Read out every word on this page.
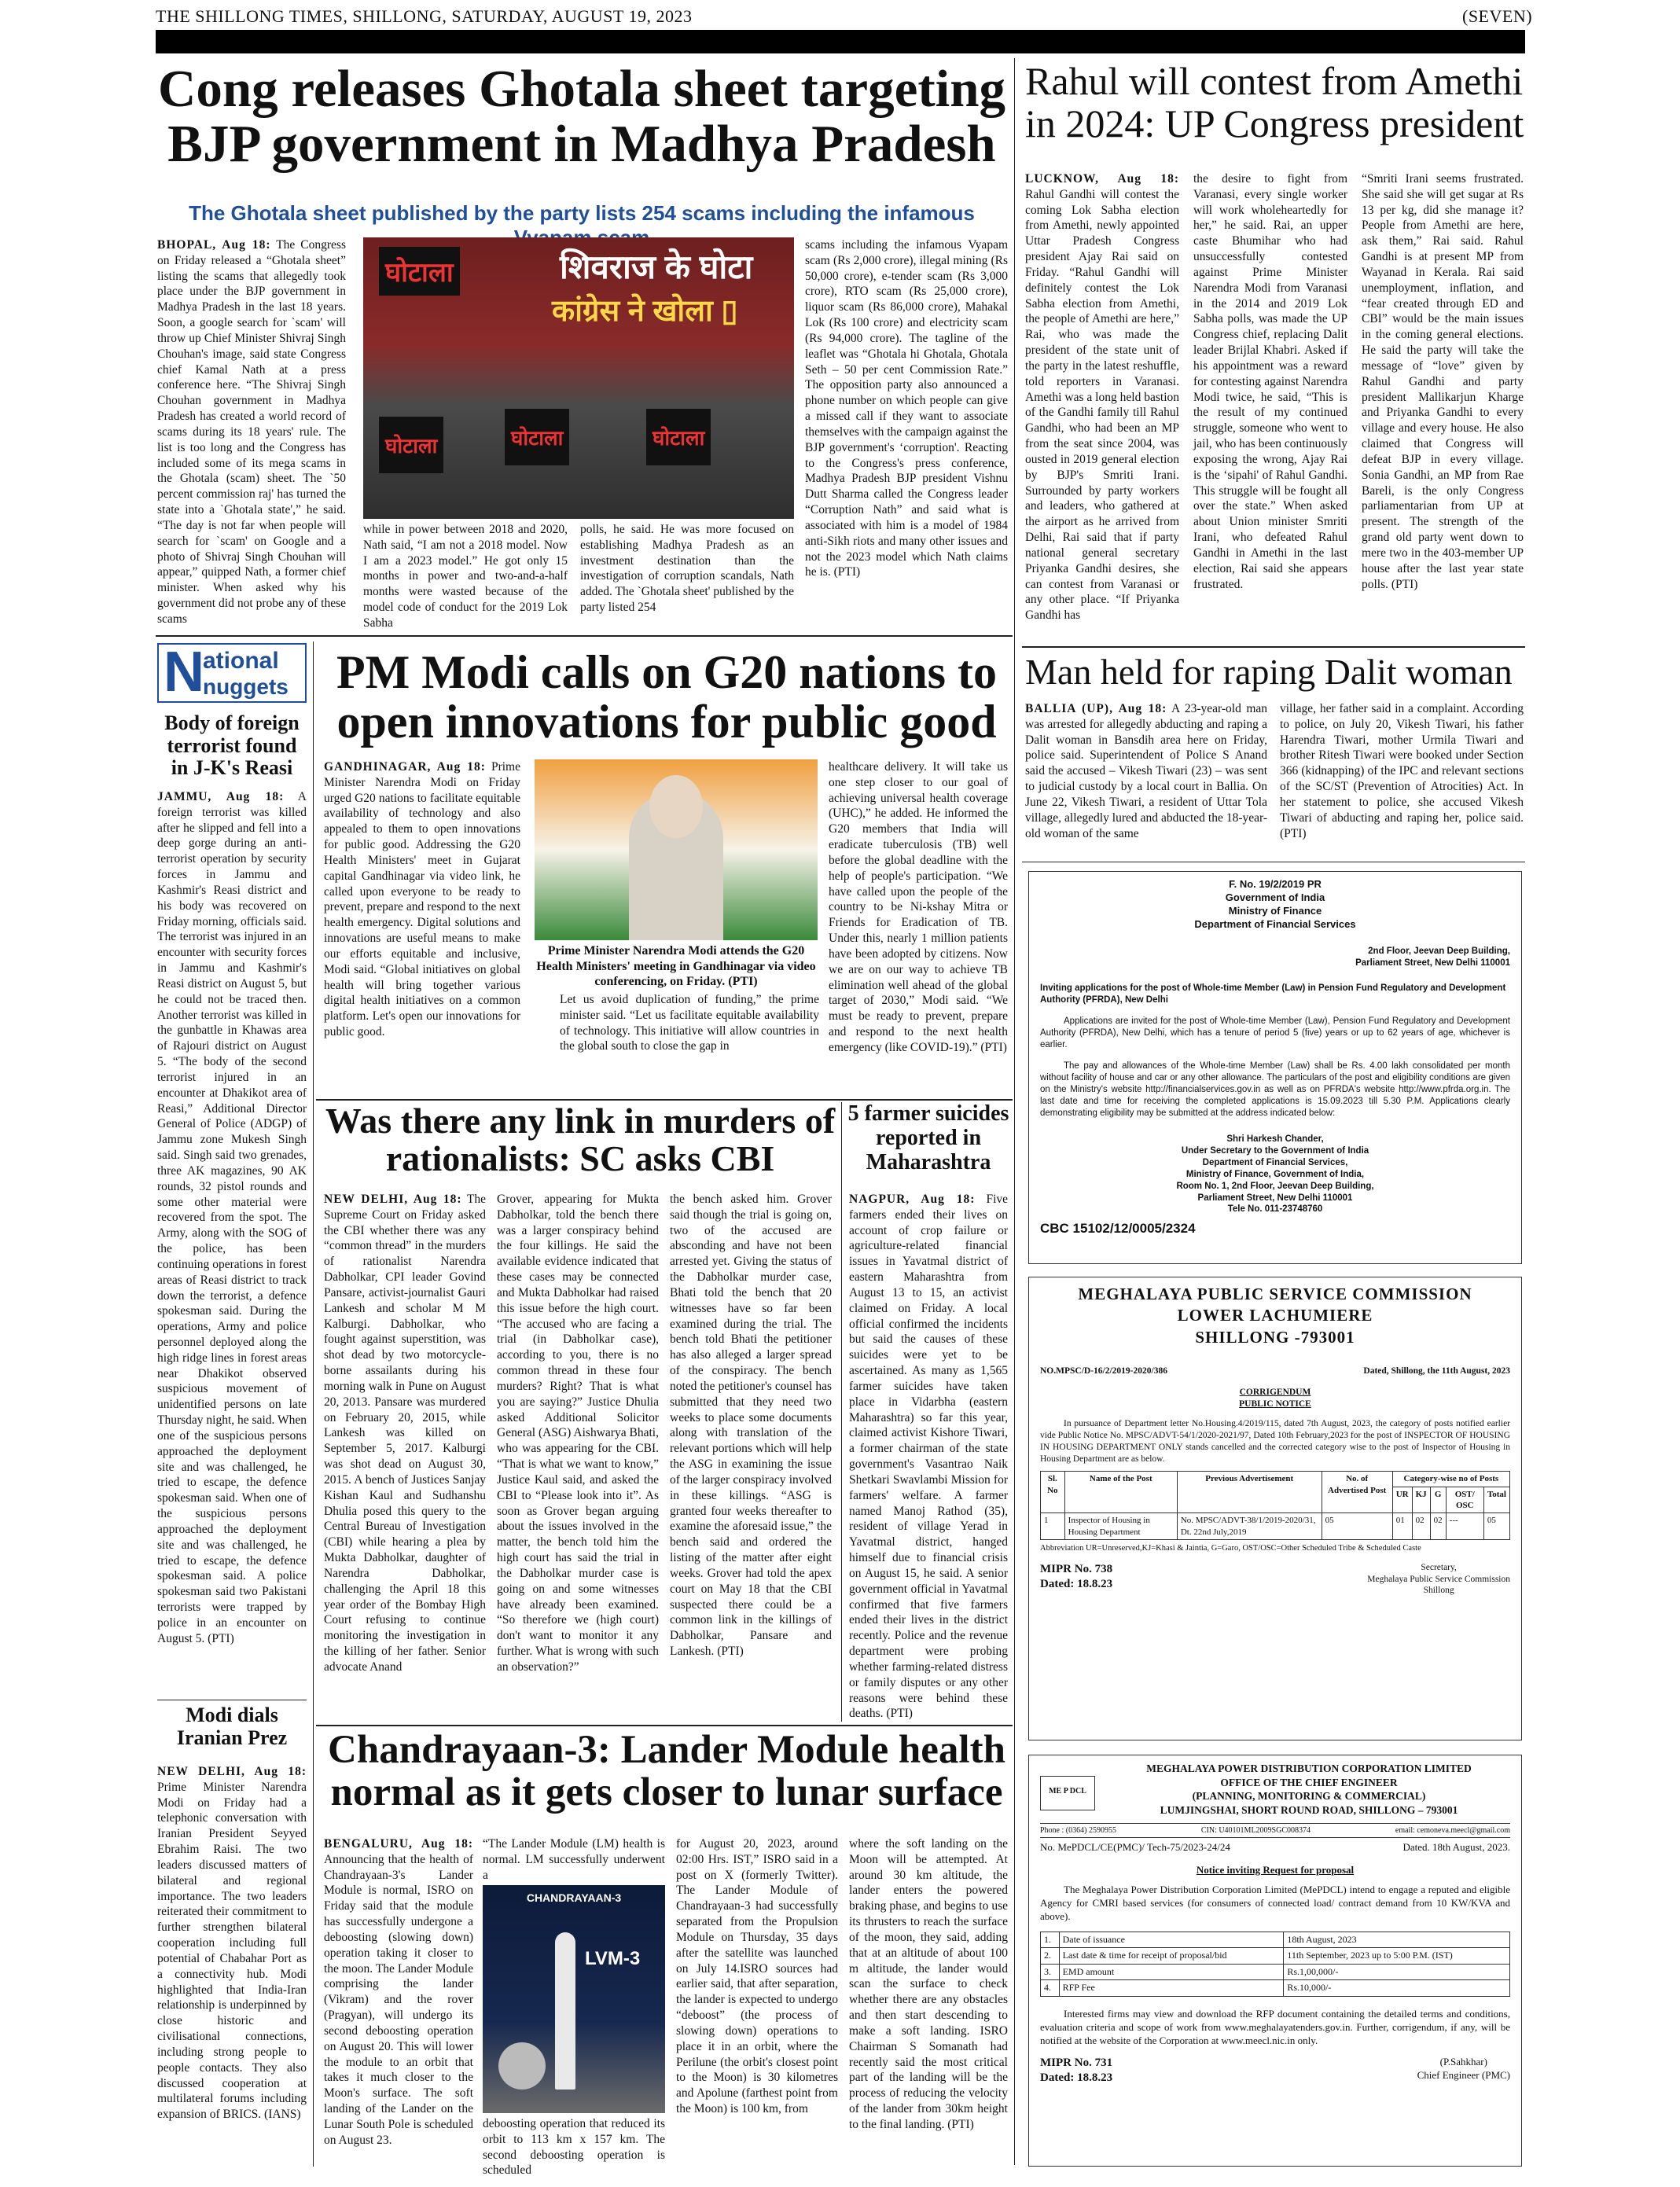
THE SHILLONG TIMES, SHILLONG, SATURDAY, AUGUST 19, 2023	(SEVEN)
Cong releases Ghotala sheet targeting BJP government in Madhya Pradesh
The Ghotala sheet published by the party lists 254 scams including the infamous

BHOPAL, Aug 18: The Congress on Friday released a “Ghotala sheet” listing the scams that allegedly took place under the BJP government in Madhya Pradesh in the last 18 years. Soon, a google search for `scam' will throw up Chief Minister Shivraj Singh Chouhan's image, said state Congress chief Kamal Nath at a press conference here. “The Shivraj Singh Chouhan government in Madhya Pradesh has created a world record of scams during its 18 years' rule. The list is too long and the Congress has included some of its mega scams in the Ghotala (scam) sheet. The `50 percent commission raj' has turned the state into a `Ghotala state',” he said. “The day is not far when people will search for `scam' on Google and a photo of Shivraj Singh Chouhan will appear,” quipped Nath, a former chief minister. When asked why his government did not probe any of these scams

शिवराज के घोटा
कांग्रेस ने खोला ▯
घोटाला
घोटाला	घोटाला	घोटाला

while in power between 2018 and 2020, Nath said, “I am not a 2018 model. Now I am a 2023 model.” He got only 15 months in power and two-and-a-half months were wasted because of the model code of conduct for the 2019 Lok Sabha

polls, he said. He was more focused on establishing Madhya Pradesh as an investment destination than the investigation of corruption scandals, Nath added. The `Ghotala sheet' published by the party listed 254

scams including the infamous Vyapam scam (Rs 2,000 crore), illegal mining (Rs 50,000 crore), e-tender scam (Rs 3,000 crore), RTO scam (Rs 25,000 crore), liquor scam (Rs 86,000 crore), Mahakal Lok (Rs 100 crore) and electricity scam (Rs 94,000 crore). The tagline of the leaflet was “Ghotala hi Ghotala, Ghotala Seth – 50 per cent Commission Rate.” The opposition party also announced a phone number on which people can give a missed call if they want to associate themselves with the campaign against the BJP government's ‘corruption'. Reacting to the Congress's press conference, Madhya Pradesh BJP president Vishnu Dutt Sharma called the Congress leader “Corruption Nath” and said what is associated with him is a model of 1984 anti-Sikh riots and many other issues and not the 2023 model which Nath claims he is. (PTI)

Rahul will contest from Amethi in 2024: UP Congress president

LUCKNOW, Aug 18: Rahul Gandhi will contest the coming Lok Sabha election from Amethi, newly appointed Uttar Pradesh Congress president Ajay Rai said on Friday. “Rahul Gandhi will definitely contest the Lok Sabha election from Amethi, the people of Amethi are here,” Rai, who was made the president of the state unit of the party in the latest reshuffle, told reporters in Varanasi. Amethi was a long held bastion of the Gandhi family till Rahul Gandhi, who had been an MP from the seat since 2004, was ousted in 2019 general election by BJP's Smriti Irani. Surrounded by party workers and leaders, who gathered at the airport as he arrived from Delhi, Rai said that if party national general secretary Priyanka Gandhi desires, she can contest from Varanasi or any other place. “If Priyanka Gandhi has

the desire to fight from Varanasi, every single worker will work wholeheartedly for her,” he said. Rai, an upper caste Bhumihar who had unsuccessfully contested against Prime Minister Narendra Modi from Varanasi in the 2014 and 2019 Lok Sabha polls, was made the UP Congress chief, replacing Dalit leader Brijlal Khabri. Asked if his appointment was a reward for contesting against Narendra Modi twice, he said, “This is the result of my continued struggle, someone who went to jail, who has been continuously exposing the wrong, Ajay Rai is the ‘sipahi' of Rahul Gandhi. This struggle will be fought all over the state.” When asked about Union minister Smriti Irani, who defeated Rahul Gandhi in Amethi in the last election, Rai said she appears frustrated.

“Smriti Irani seems frustrated. She said she will get sugar at Rs 13 per kg, did she manage it? People from Amethi are here, ask them,” Rai said. Rahul Gandhi is at present MP from Wayanad in Kerala. Rai said unemployment, inflation, and “fear created through ED and CBI” would be the main issues in the coming general elections. He said the party will take the message of “love” given by Rahul Gandhi and party president Mallikarjun Kharge and Priyanka Gandhi to every village and every house. He also claimed that Congress will defeat BJP in every village. Sonia Gandhi, an MP from Rae Bareli, is the only Congress parliamentarian from UP at present. The strength of the grand old party went down to mere two in the 403-member UP house after the last year state polls. (PTI)

N
ational
nuggets
Body of foreign terrorist found in J-K's Reasi

JAMMU, Aug 18: A foreign terrorist was killed after he slipped and fell into a deep gorge during an anti-terrorist operation by security forces in Jammu and Kashmir's Reasi district and his body was recovered on Friday morning, officials said. The terrorist was injured in an encounter with security forces in Jammu and Kashmir's Reasi district on August 5, but he could not be traced then. Another terrorist was killed in the gunbattle in Khawas area of Rajouri district on August 5. “The body of the second terrorist injured in an encounter at Dhakikot area of Reasi,” Additional Director General of Police (ADGP) of Jammu zone Mukesh Singh said. Singh said two grenades, three AK magazines, 90 AK rounds, 32 pistol rounds and some other material were recovered from the spot. The Army, along with the SOG of the police, has been continuing operations in forest areas of Reasi district to track down the terrorist, a defence spokesman said. During the operations, Army and police personnel deployed along the high ridge lines in forest areas near Dhakikot observed suspicious movement of unidentified persons on late Thursday night, he said. When one of the suspicious persons approached the deployment site and was challenged, he tried to escape, the defence spokesman said. When one of the suspicious persons approached the deployment site and was challenged, he tried to escape, the defence spokesman said. A police spokesman said two Pakistani terrorists were trapped by police in an encounter on August 5. (PTI)

Modi dials Iranian Prez

NEW DELHI, Aug 18: Prime Minister Narendra Modi on Friday had a telephonic conversation with Iranian President Seyyed Ebrahim Raisi. The two leaders discussed matters of bilateral and regional importance. The two leaders reiterated their commitment to further strengthen bilateral cooperation including full potential of Chabahar Port as a connectivity hub. Modi highlighted that India-Iran relationship is underpinned by close historic and civilisational connections, including strong people to people contacts. They also discussed cooperation at multilateral forums including expansion of BRICS. (IANS)

PM Modi calls on G20 nations to open innovations for public good

GANDHINAGAR, Aug 18: Prime Minister Narendra Modi on Friday urged G20 nations to facilitate equitable availability of technology and also appealed to them to open innovations for public good. Addressing the G20 Health Ministers' meet in Gujarat capital Gandhinagar via video link, he called upon everyone to be ready to prevent, prepare and respond to the next health emergency. Digital solutions and innovations are useful means to make our efforts equitable and inclusive, Modi said. “Global initiatives on global health will bring together various digital health initiatives on a common platform. Let's open our innovations for public good.

Prime Minister Narendra Modi attends the G20 Health Ministers' meeting in Gandhinagar via video conferencing, on Friday. (PTI)

Let us avoid duplication of funding,” the prime minister said. “Let us facilitate equitable availability of technology. This initiative will allow countries in the global south to close the gap in

healthcare delivery. It will take us one step closer to our goal of achieving universal health coverage (UHC),” he added. He informed the G20 members that India will eradicate tuberculosis (TB) well before the global deadline with the help of people's participation. “We have called upon the people of the country to be Ni-kshay Mitra or Friends for Eradication of TB. Under this, nearly 1 million patients have been adopted by citizens. Now we are on our way to achieve TB elimination well ahead of the global target of 2030,” Modi said. “We must be ready to prevent, prepare and respond to the next health emergency (like COVID-19).” (PTI)

Man held for raping Dalit woman

BALLIA (UP), Aug 18: A 23-year-old man was arrested for allegedly abducting and raping a Dalit woman in Bansdih area here on Friday, police said. Superintendent of Police S Anand said the accused – Vikesh Tiwari (23) – was sent to judicial custody by a local court in Ballia. On June 22, Vikesh Tiwari, a resident of Uttar Tola village, allegedly lured and abducted the 18-year-old woman of the same

village, her father said in a complaint. According to police, on July 20, Vikesh Tiwari, his father Harendra Tiwari, mother Urmila Tiwari and brother Ritesh Tiwari were booked under Section 366 (kidnapping) of the IPC and relevant sections of the SC/ST (Prevention of Atrocities) Act. In her statement to police, she accused Vikesh Tiwari of abducting and raping her, police said. (PTI)

Was there any link in murders of rationalists: SC asks CBI

NEW DELHI, Aug 18: The Supreme Court on Friday asked the CBI whether there was any “common thread” in the murders of rationalist Narendra Dabholkar, CPI leader Govind Pansare, activist-journalist Gauri Lankesh and scholar M M Kalburgi. Dabholkar, who fought against superstition, was shot dead by two motorcycle-borne assailants during his morning walk in Pune on August 20, 2013. Pansare was murdered on February 20, 2015, while Lankesh was killed on September 5, 2017. Kalburgi was shot dead on August 30, 2015. A bench of Justices Sanjay Kishan Kaul and Sudhanshu Dhulia posed this query to the Central Bureau of Investigation (CBI) while hearing a plea by Mukta Dabholkar, daughter of Narendra Dabholkar, challenging the April 18 this year order of the Bombay High Court refusing to continue monitoring the investigation in the killing of her father. Senior advocate Anand

Grover, appearing for Mukta Dabholkar, told the bench there was a larger conspiracy behind the four killings. He said the available evidence indicated that these cases may be connected and Mukta Dabholkar had raised this issue before the high court. “The accused who are facing a trial (in Dabholkar case), according to you, there is no common thread in these four murders? Right? That is what you are saying?” Justice Dhulia asked Additional Solicitor General (ASG) Aishwarya Bhati, who was appearing for the CBI. “That is what we want to know,” Justice Kaul said, and asked the CBI to “Please look into it”. As soon as Grover began arguing about the issues involved in the matter, the bench told him the high court has said the trial in the Dabholkar murder case is going on and some witnesses have already been examined. “So therefore we (high court) don't want to monitor it any further. What is wrong with such an observation?”

the bench asked him. Grover said though the trial is going on, two of the accused are absconding and have not been arrested yet. Giving the status of the Dabholkar murder case, Bhati told the bench that 20 witnesses have so far been examined during the trial. The bench told Bhati the petitioner has also alleged a larger spread of the conspiracy. The bench noted the petitioner's counsel has submitted that they need two weeks to place some documents along with translation of the relevant portions which will help the ASG in examining the issue of the larger conspiracy involved in these killings. “ASG is granted four weeks thereafter to examine the aforesaid issue,” the bench said and ordered the listing of the matter after eight weeks. Grover had told the apex court on May 18 that the CBI suspected there could be a common link in the killings of Dabholkar, Pansare and Lankesh. (PTI)

5 farmer suicides reported in Maharashtra

NAGPUR, Aug 18: Five farmers ended their lives on account of crop failure or agriculture-related financial issues in Yavatmal district of eastern Maharashtra from August 13 to 15, an activist claimed on Friday. A local official confirmed the incidents but said the causes of these suicides were yet to be ascertained. As many as 1,565 farmer suicides have taken place in Vidarbha (eastern Maharashtra) so far this year, claimed activist Kishore Tiwari, a former chairman of the state government's Vasantrao Naik Shetkari Swavlambi Mission for farmers' welfare. A farmer named Manoj Rathod (35), resident of village Yerad in Yavatmal district, hanged himself due to financial crisis on August 15, he said. A senior government official in Yavatmal confirmed that five farmers ended their lives in the district recently. Police and the revenue department were probing whether farming-related distress or family disputes or any other reasons were behind these deaths. (PTI)

Chandrayaan-3: Lander Module health normal as it gets closer to lunar surface

BENGALURU, Aug 18: Announcing that the health of Chandrayaan-3's Lander Module is normal, ISRO on Friday said that the module has successfully undergone a deboosting (slowing down) operation taking it closer to the moon. The Lander Module comprising the lander (Vikram) and the rover (Pragyan), will undergo its second deboosting operation on August 20. This will lower the module to an orbit that takes it much closer to the Moon's surface. The soft landing of the Lander on the Lunar South Pole is scheduled on August 23.

“The Lander Module (LM) health is normal. LM successfully underwent a

CHANDRAYAAN-3
LVM-3

deboosting operation that reduced its orbit to 113 km x 157 km. The second deboosting operation is scheduled

for August 20, 2023, around 02:00 Hrs. IST,” ISRO said in a post on X (formerly Twitter). The Lander Module of Chandrayaan-3 had successfully separated from the Propulsion Module on Thursday, 35 days after the satellite was launched on July 14.ISRO sources had earlier said, that after separation, the lander is expected to undergo “deboost” (the process of slowing down) operations to place it in an orbit, where the Perilune (the orbit's closest point to the Moon) is 30 kilometres and Apolune (farthest point from the Moon) is 100 km, from

where the soft landing on the Moon will be attempted. At around 30 km altitude, the lander enters the powered braking phase, and begins to use its thrusters to reach the surface of the moon, they said, adding that at an altitude of about 100 m altitude, the lander would scan the surface to check whether there are any obstacles and then start descending to make a soft landing. ISRO Chairman S Somanath had recently said the most critical part of the landing will be the process of reducing the velocity of the lander from 30km height to the final landing. (PTI)

F. No. 19/2/2019 PR

Government of India

Ministry of Finance

Department of Financial Services

2nd Floor, Jeevan Deep Building,

Parliament Street, New Delhi 110001

Inviting applications for the post of Whole-time Member (Law) in Pension Fund Regulatory and Development Authority (PFRDA), New Delhi

Applications are invited for the post of Whole-time Member (Law), Pension Fund Regulatory and Development Authority (PFRDA), New Delhi, which has a tenure of period 5 (five) years or up to 62 years of age, whichever is earlier.

The pay and allowances of the Whole-time Member (Law) shall be Rs. 4.00 lakh consolidated per month without facility of house and car or any other allowance. The particulars of the post and eligibility conditions are given on the Ministry's website http://financialservices.gov.in as well as on PFRDA's website http://www.pfrda.org.in. The last date and time for receiving the completed applications is 15.09.2023 till 5.30 P.M. Applications clearly demonstrating eligibility may be submitted at the address indicated below:

Shri Harkesh Chander,

Under Secretary to the Government of India

Department of Financial Services,

Ministry of Finance, Government of India,

Room No. 1, 2nd Floor, Jeevan Deep Building,

Parliament Street, New Delhi 110001

Tele No. 011-23748760

CBC 15102/12/0005/2324

MEGHALAYA PUBLIC SERVICE COMMISSION

LOWER LACHUMIERE

SHILLONG -793001

NO.MPSC/D-16/2/2019-2020/386	Dated, Shillong, the 11th August, 2023

CORRIGENDUM

PUBLIC NOTICE

In pursuance of Department letter No.Housing.4/2019/115, dated 7th August, 2023, the category of posts notified earlier vide Public Notice No. MPSC/ADVT-54/1/2020-2021/97, Dated 10th February,2023 for the post of INSPECTOR OF HOUSING IN HOUSING DEPARTMENT ONLY stands cancelled and the corrected category wise to the post of Inspector of Housing in Housing Department are as below.

Sl. No	Name of the Post	Previous Advertisement	No. of Advertised Post	Category-wise no of Posts				
				UR	KJ	G	OST/ OSC	Total
1	Inspector of Housing in Housing Department	No. MPSC/ADVT-38/1/2019-2020/31, Dt. 22nd July,2019	05	01	02	02	---	05

Abbreviation UR=Unreserved,KJ=Khasi & Jaintia, G=Garo, OST/OSC=Other Scheduled Tribe & Scheduled Caste

MIPR No. 738

Dated: 18.8.23

Secretary,

Meghalaya Public Service Commission

Shillong

ME P DCL

MEGHALAYA POWER DISTRIBUTION CORPORATION LIMITED

OFFICE OF THE CHIEF ENGINEER

(PLANNING, MONITORING & COMMERCIAL)

LUMJINGSHAI, SHORT ROUND ROAD, SHILLONG – 793001

Phone : (0364) 2590955	CIN: U40101ML2009SGC008374	email: cemoneva.meecl@gmail.com
No. MePDCL/CE(PMC)/ Tech-75/2023-24/24	Dated. 18th August, 2023.

Notice inviting Request for proposal

The Meghalaya Power Distribution Corporation Limited (MePDCL) intend to engage a reputed and eligible Agency for CMRI based services (for consumers of connected load/ contract demand from 10 KW/KVA and above).

1.	Date of issuance	18th August, 2023
2.	Last date & time for receipt of proposal/bid	11th September, 2023 up to 5:00 P.M. (IST)
3.	EMD amount	Rs.1,00,000/-
4.	RFP Fee	Rs.10,000/-

Interested firms may view and download the RFP document containing the detailed terms and conditions, evaluation criteria and scope of work from www.meghalayatenders.gov.in. Further, corrigendum, if any, will be notified at the website of the Corporation at www.meecl.nic.in only.

MIPR No. 731

Dated: 18.8.23

(P.Sahkhar)

Chief Engineer (PMC)
